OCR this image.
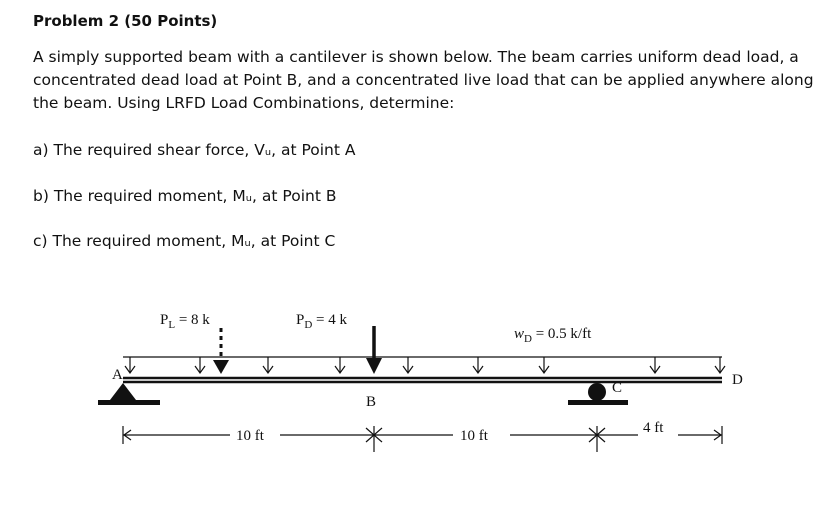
Problem 2 (50 Points)
A simply supported beam with a cantilever is shown below. The beam carries uniform dead load, a concentrated dead load at Point B, and a concentrated live load that can be applied anywhere along the beam. Using LRFD Load Combinations, determine:
a) The required shear force, Vᵤ, at Point A
b) The required moment, Mᵤ, at Point B
c) The required moment, Mᵤ, at Point C
A
B
C	D
$P_L = 8$ k	$P_D = 4$ k
$w_D = 0.5$ k/ft
10 ft	10 ft	4 ft
